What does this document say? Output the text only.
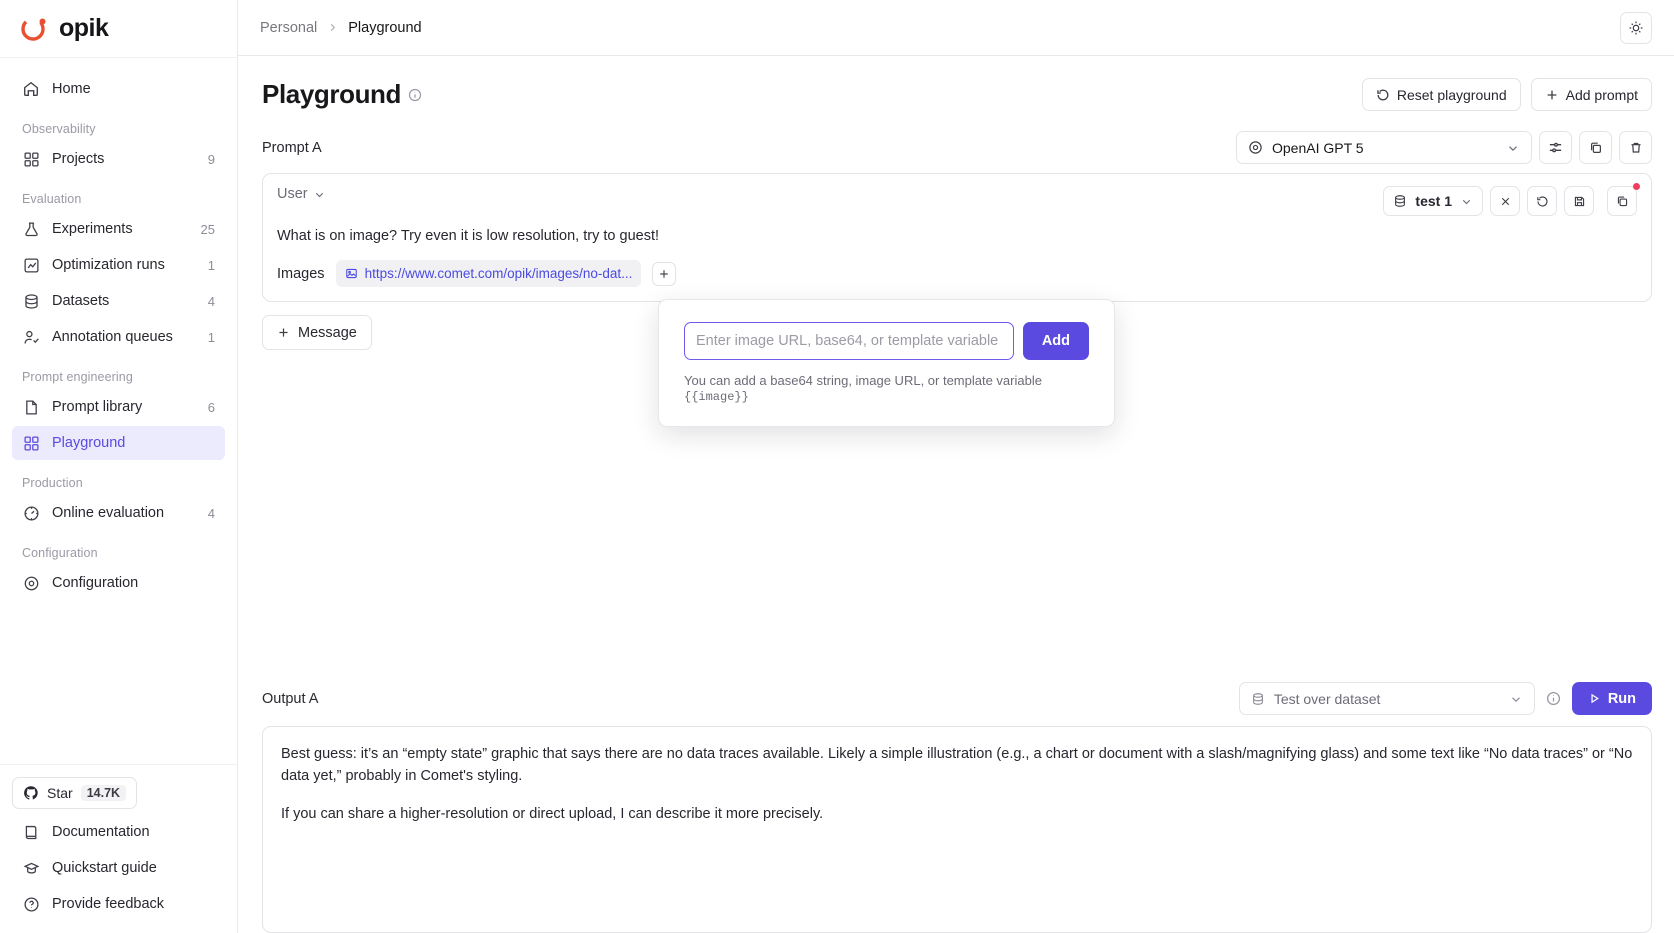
opik
Home
Observability
Projects	9
Evaluation
Experiments	25
Optimization runs	1
Datasets	4
Annotation queues	1
Prompt engineering
Prompt library	6
Playground
Production
Online evaluation	4
Configuration
Configuration
Star	14.7K
Documentation
Quickstart guide
Provide feedback
Personal Playground
Playground	Reset playground	Add prompt
Prompt A	OpenAI GPT 5
User	test 1
What is on image? Try even it is low resolution, try to guest!
Images	https://www.comet.com/opik/images/no-dat...
Message
Enter image URL, base64, or template variable
Add
You can add a base64 string, image URL, or template variable {{image}}
Output A	Test over dataset	Run

Best guess: it’s an “empty state” graphic that says there are no data traces available. Likely a simple illustration (e.g., a chart or document with a slash/magnifying glass) and some text like “No data traces” or “No data yet,” probably in Comet's styling.

If you can share a higher-resolution or direct upload, I can describe it more precisely.
